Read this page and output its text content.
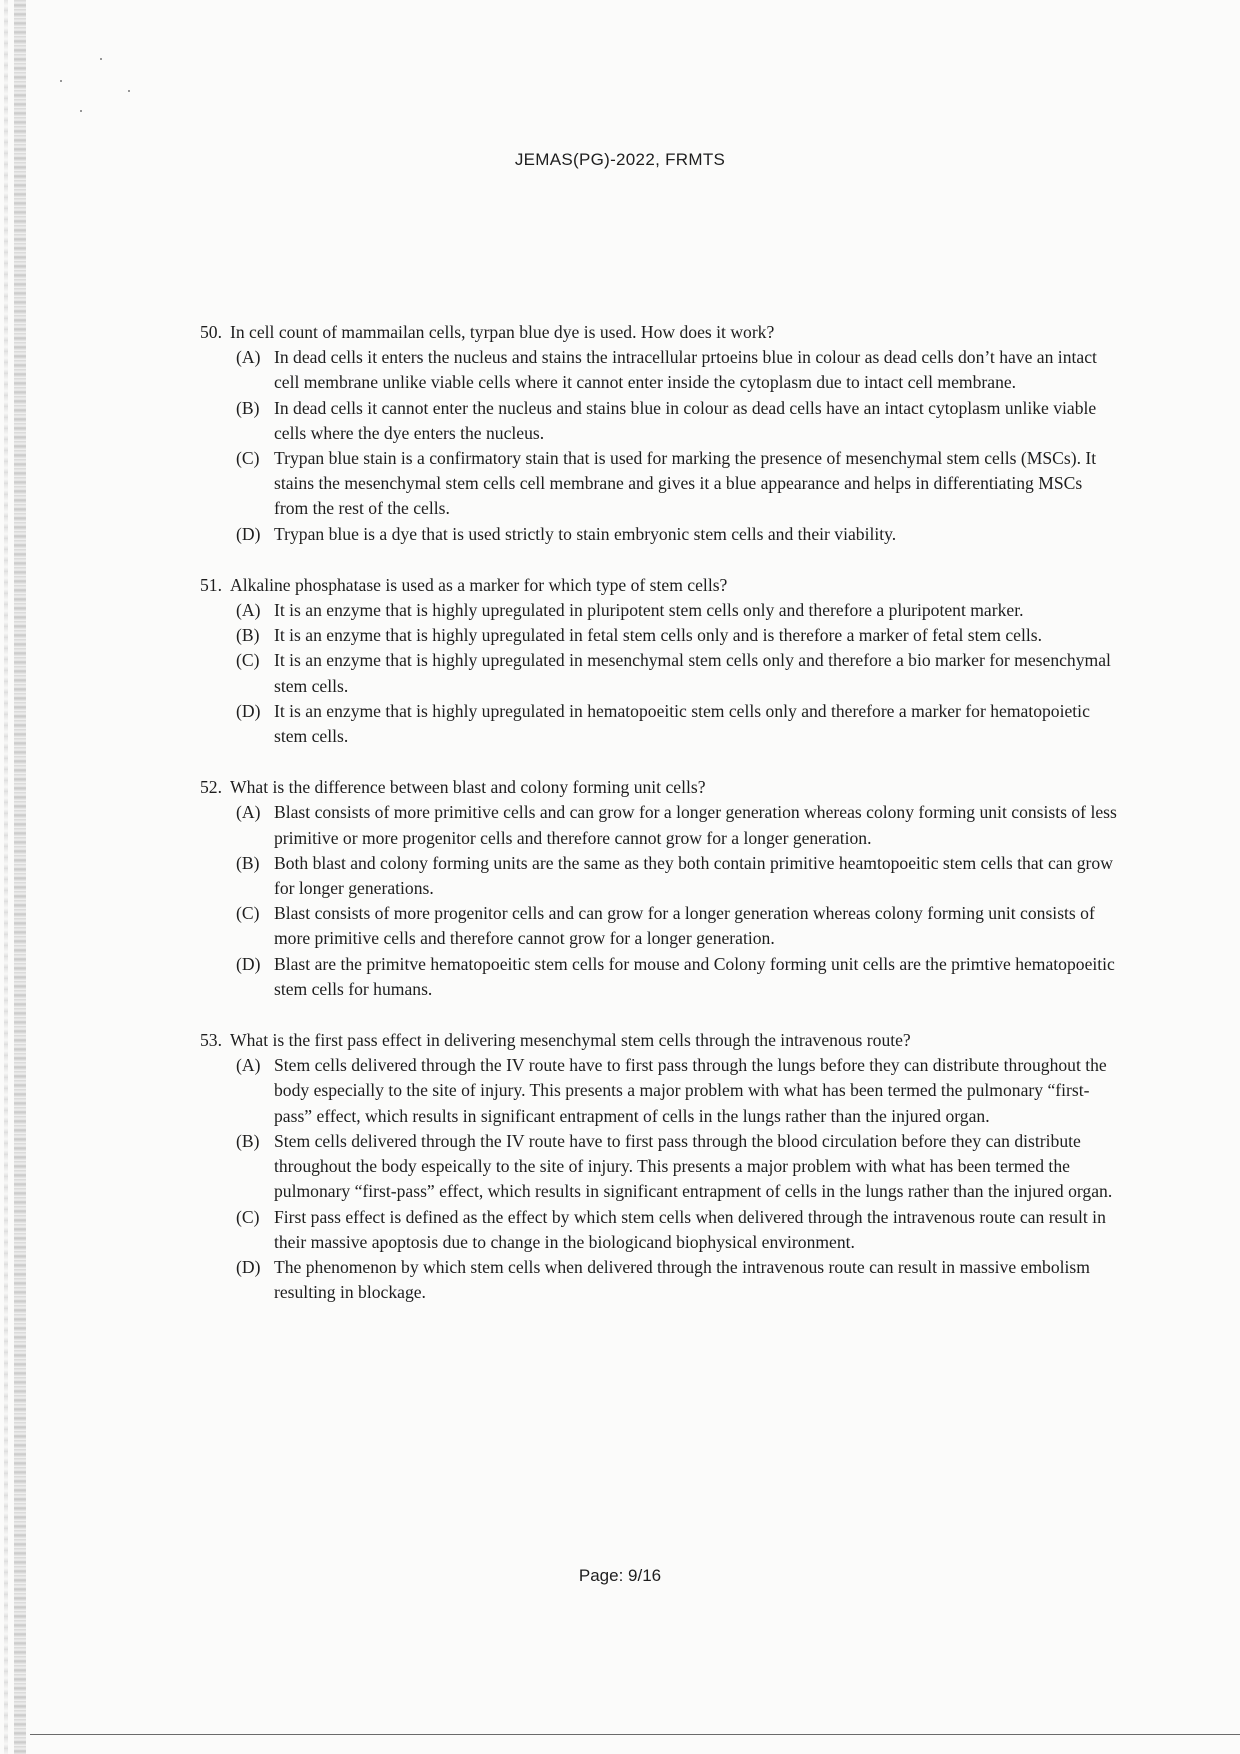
JEMAS(PG)-2022, FRMTS
50. In cell count of mammailan cells, tyrpan blue dye is used. How does it work?
(A) In dead cells it enters the nucleus and stains the intracellular prtoeins blue in colour as dead cells don’t have an intact cell membrane unlike viable cells where it cannot enter inside the cytoplasm due to intact cell membrane.
(B) In dead cells it cannot enter the nucleus and stains blue in colour as dead cells have an intact cytoplasm unlike viable cells where the dye enters the nucleus.
(C) Trypan blue stain is a confirmatory stain that is used for marking the presence of mesenchymal stem cells (MSCs). It stains the mesenchymal stem cells cell membrane and gives it a blue appearance and helps in differentiating MSCs from the rest of the cells.
(D) Trypan blue is a dye that is used strictly to stain embryonic stem cells and their viability.
51. Alkaline phosphatase is used as a marker for which type of stem cells?
(A) It is an enzyme that is highly upregulated in pluripotent stem cells only and therefore a pluripotent marker.
(B) It is an enzyme that is highly upregulated in fetal stem cells only and is therefore a marker of fetal stem cells.
(C) It is an enzyme that is highly upregulated in mesenchymal stem cells only and therefore a bio marker for mesenchymal stem cells.
(D) It is an enzyme that is highly upregulated in hematopoeitic stem cells only and therefore a marker for hematopoietic stem cells.
52. What is the difference between blast and colony forming unit cells?
(A) Blast consists of more primitive cells and can grow for a longer generation whereas colony forming unit consists of less primitive or more progenitor cells and therefore cannot grow for a longer generation.
(B) Both blast and colony forming units are the same as they both contain primitive heamtopoeitic stem cells that can grow for longer generations.
(C) Blast consists of more progenitor cells and can grow for a longer generation whereas colony forming unit consists of more primitive cells and therefore cannot grow for a longer generation.
(D) Blast are the primitve hematopoeitic stem cells for mouse and Colony forming unit cells are the primtive hematopoeitic stem cells for humans.
53. What is the first pass effect in delivering mesenchymal stem cells through the intravenous route?
(A) Stem cells delivered through the IV route have to first pass through the lungs before they can distribute throughout the body especially to the site of injury. This presents a major problem with what has been termed the pulmonary “first-pass” effect, which results in significant entrapment of cells in the lungs rather than the injured organ.
(B) Stem cells delivered through the IV route have to first pass through the blood circulation before they can distribute throughout the body espeically to the site of injury. This presents a major problem with what has been termed the pulmonary “first-pass” effect, which results in significant entrapment of cells in the lungs rather than the injured organ.
(C) First pass effect is defined as the effect by which stem cells when delivered through the intravenous route can result in their massive apoptosis due to change in the biologicand biophysical environment.
(D) The phenomenon by which stem cells when delivered through the intravenous route can result in massive embolism resulting in blockage.
Page: 9/16
